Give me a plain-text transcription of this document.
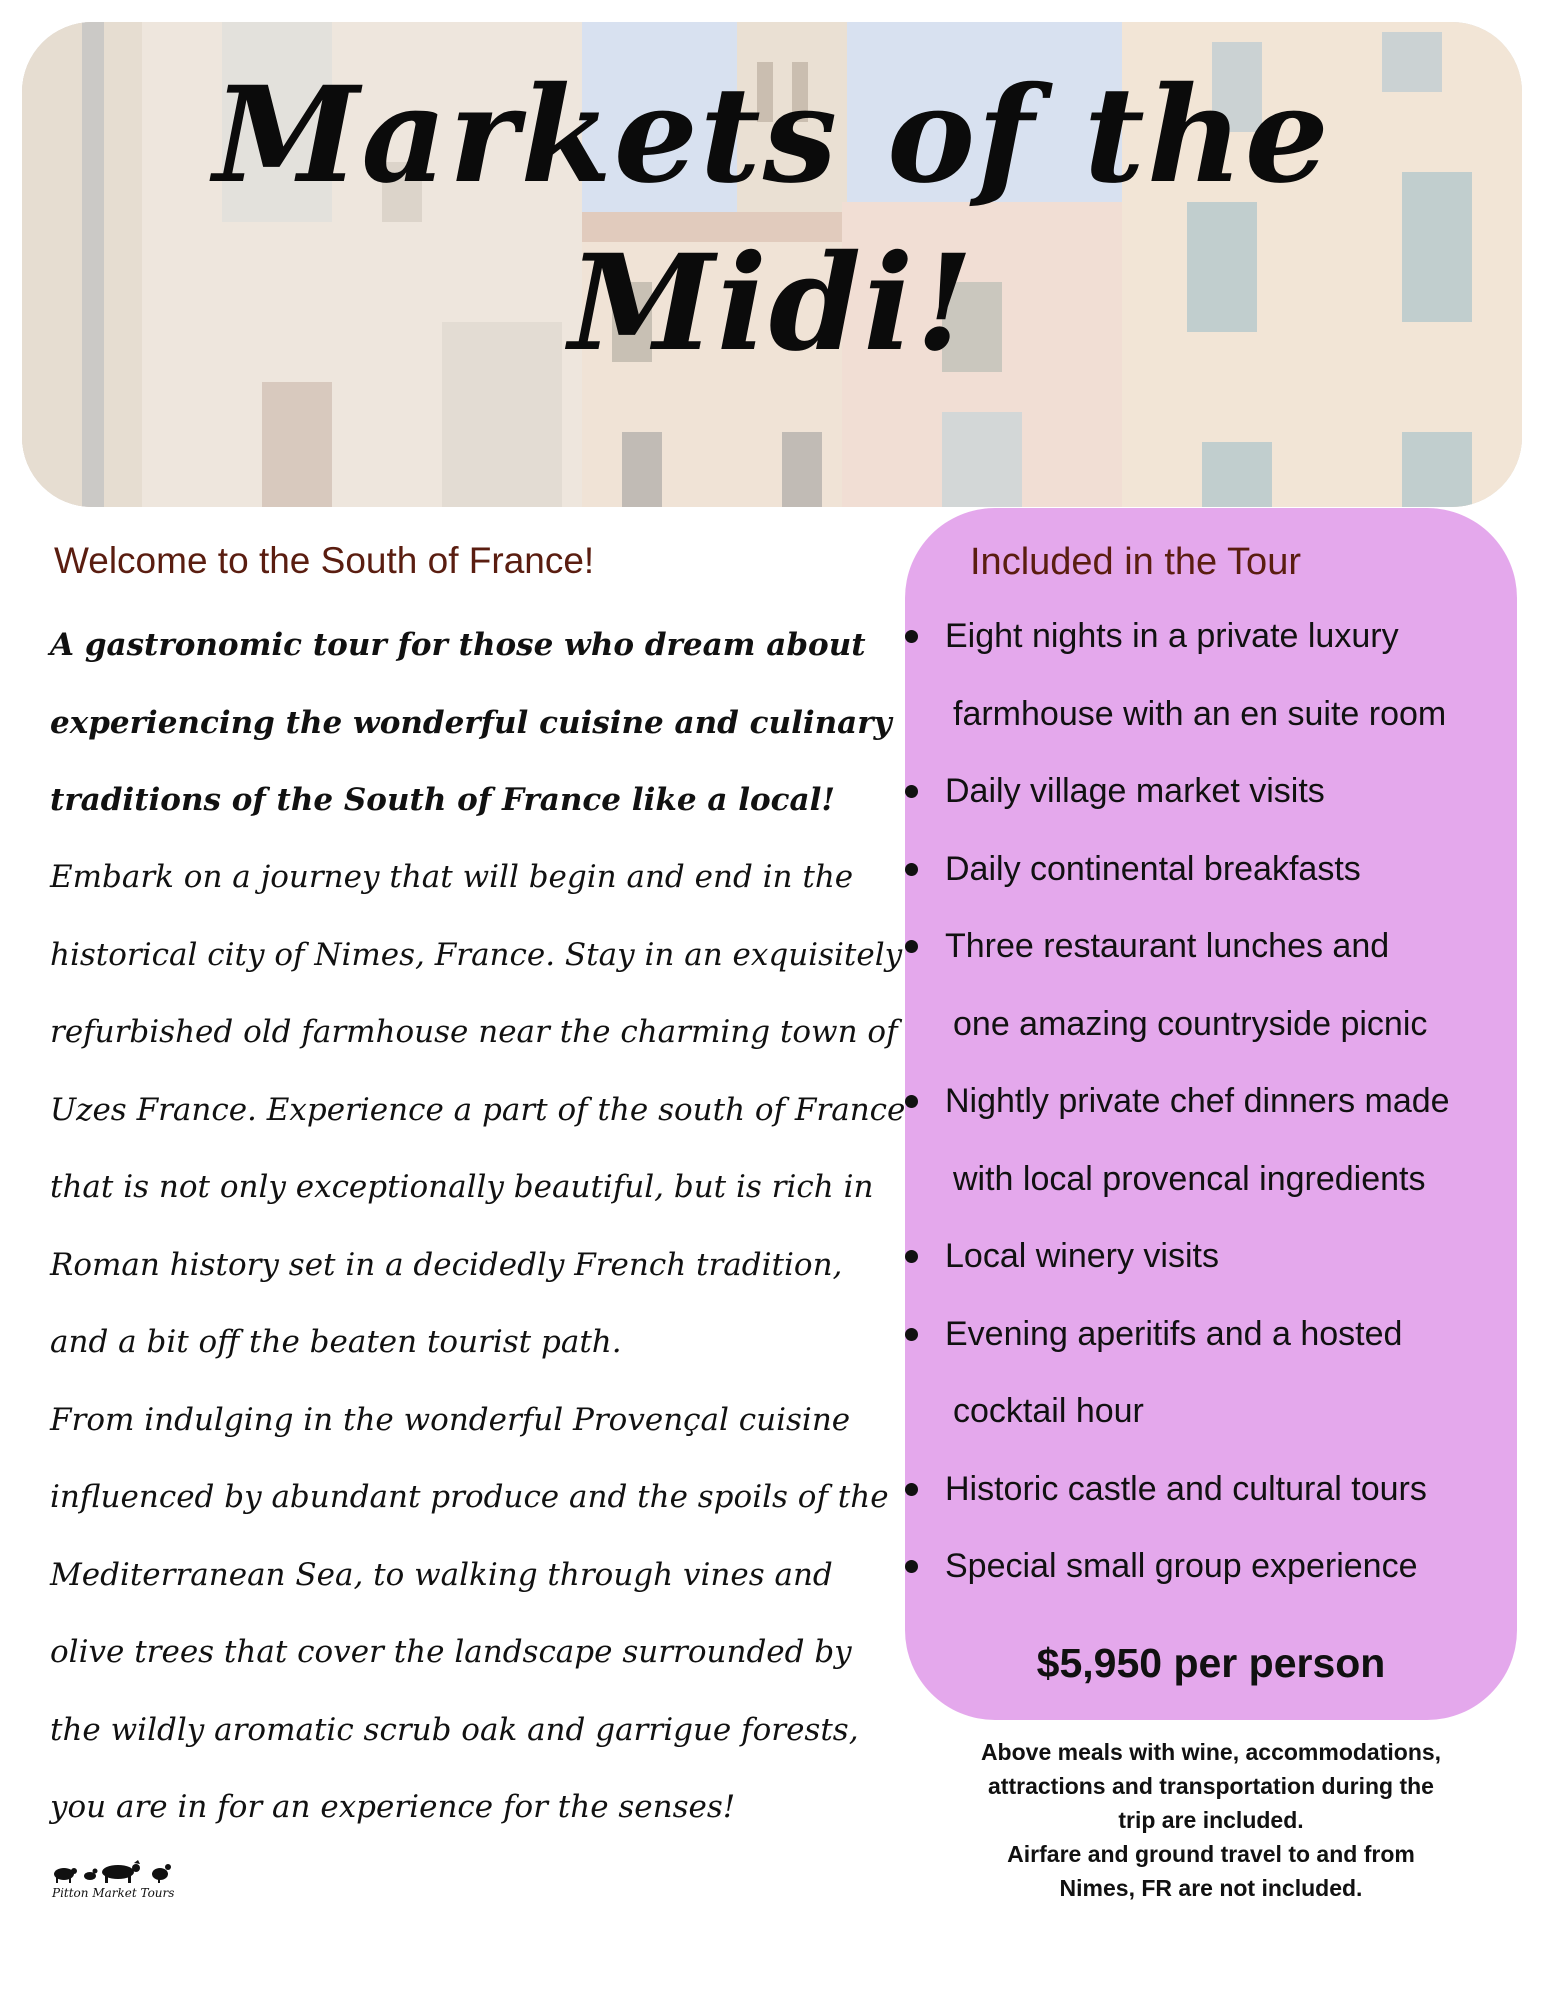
Markets of the
Midi!
Welcome to the South of France!
A gastronomic tour for those who dream about experiencing the wonderful cuisine and culinary traditions of the South of France like a local!

Embark on a journey that will begin and end in the historical city of Nimes, France. Stay in an exquisitely refurbished old farmhouse near the charming town of Uzes France. Experience a part of the south of France that is not only exceptionally beautiful, but is rich in Roman history set in a decidedly French tradition, and a bit off the beaten tourist path.

From indulging in the wonderful Provençal cuisine influenced by abundant produce and the spoils of the Mediterranean Sea, to walking through vines and olive trees that cover the landscape surrounded by the wildly aromatic scrub oak and garrigue forests, you are in for an experience for the senses!

Pitton Market Tours
Included in the Tour
Eight nights in a private luxury
farmhouse with an en suite room
Daily village market visits
Daily continental breakfasts
Three restaurant lunches and
one amazing countryside picnic
Nightly private chef dinners made
with local provencal ingredients
Local winery visits
Evening aperitifs and a hosted
cocktail hour
Historic castle and cultural tours
Special small group experience
$5,950 per person
Above meals with wine, accommodations,
attractions and transportation during the
trip are included.
Airfare and ground travel to and from
Nimes, FR are not included.
